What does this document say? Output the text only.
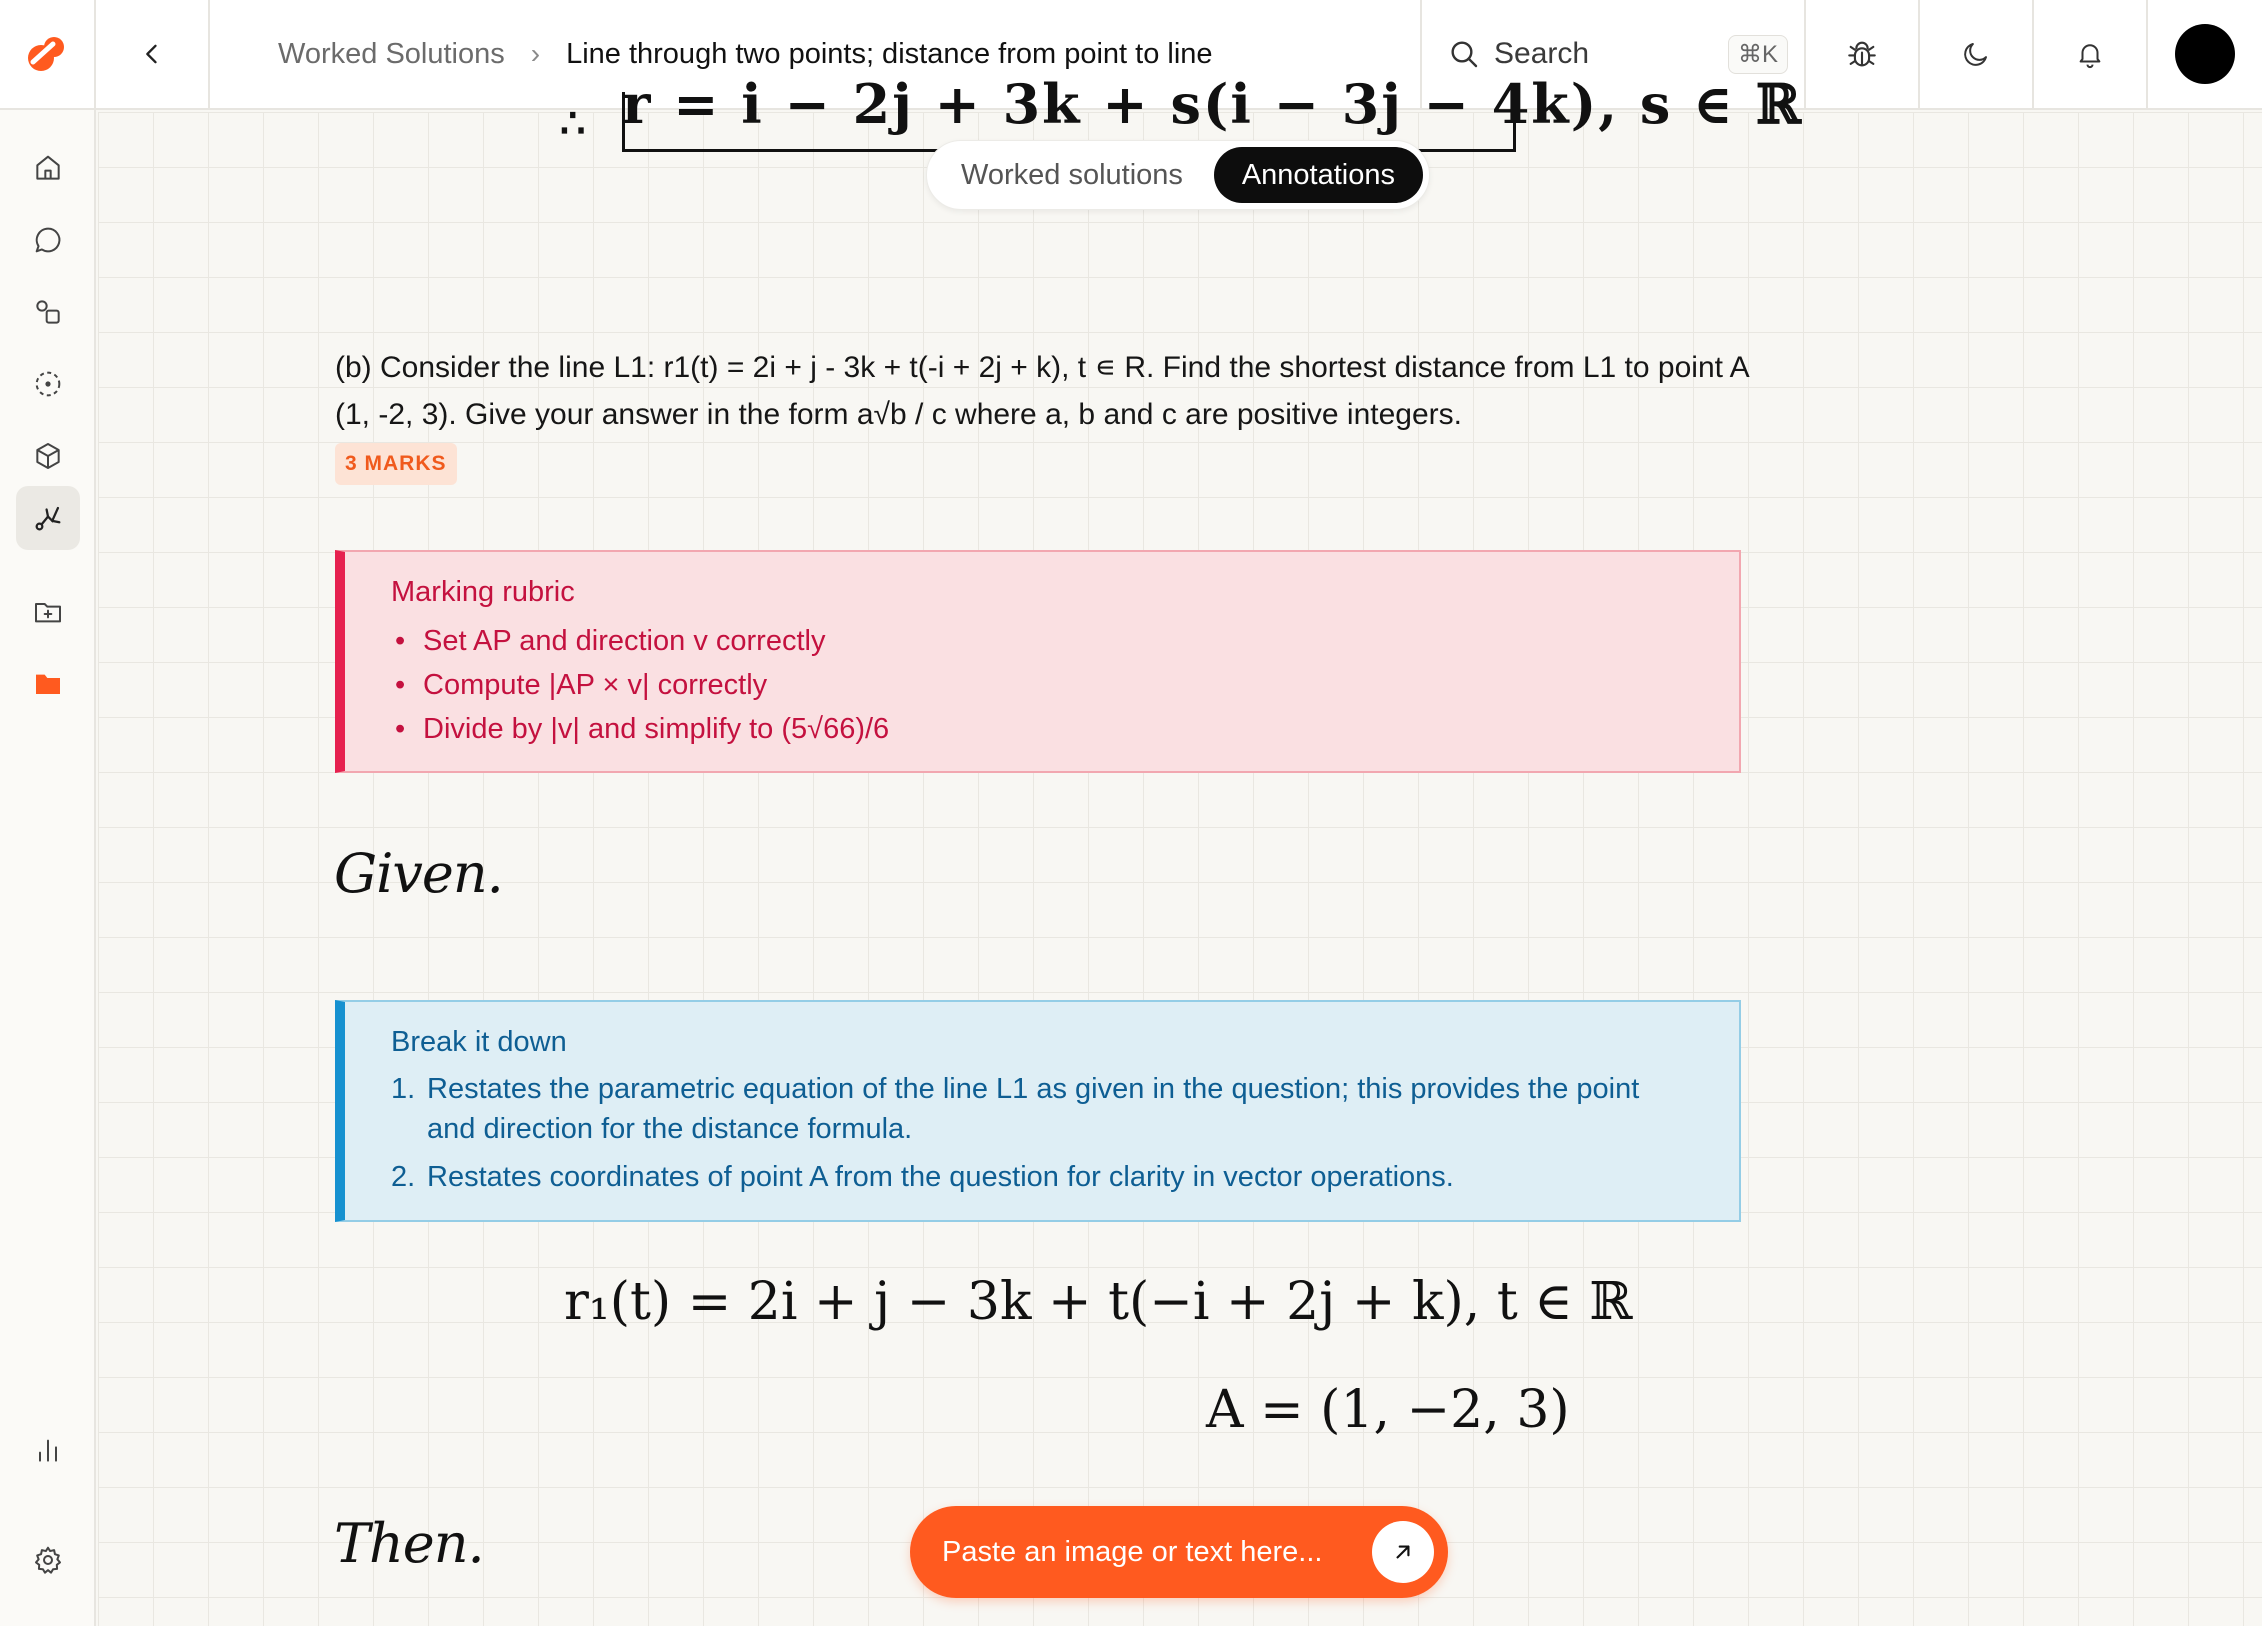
Worked Solutions › Line through two points; distance from point to line	Search	⌘K
∴ r = i − 2j + 3k + s(i − 3j − 4k), s ∈ ℝ
Worked solutions	Annotations
(b) Consider the line L1: r1(t) = 2i + j - 3k + t(-i + 2j + k), t ∊ R. Find the shortest distance from L1 to point A (1, -2, 3). Give your answer in the form a√b / c where a, b and c are positive integers.
3 MARKS
Marking rubric
• Set AP and direction v correctly
• Compute |AP × v| correctly
• Divide by |v| and simplify to (5√66)/6
Given.
Break it down
1. Restates the parametric equation of the line L1 as given in the question; this provides the point and direction for the distance formula.
2. Restates coordinates of point A from the question for clarity in vector operations.
r₁(t) = 2i + j − 3k + t(−i + 2j + k), t ∈ ℝ
A = (1, −2, 3)
Then.	Paste an image or text here...
